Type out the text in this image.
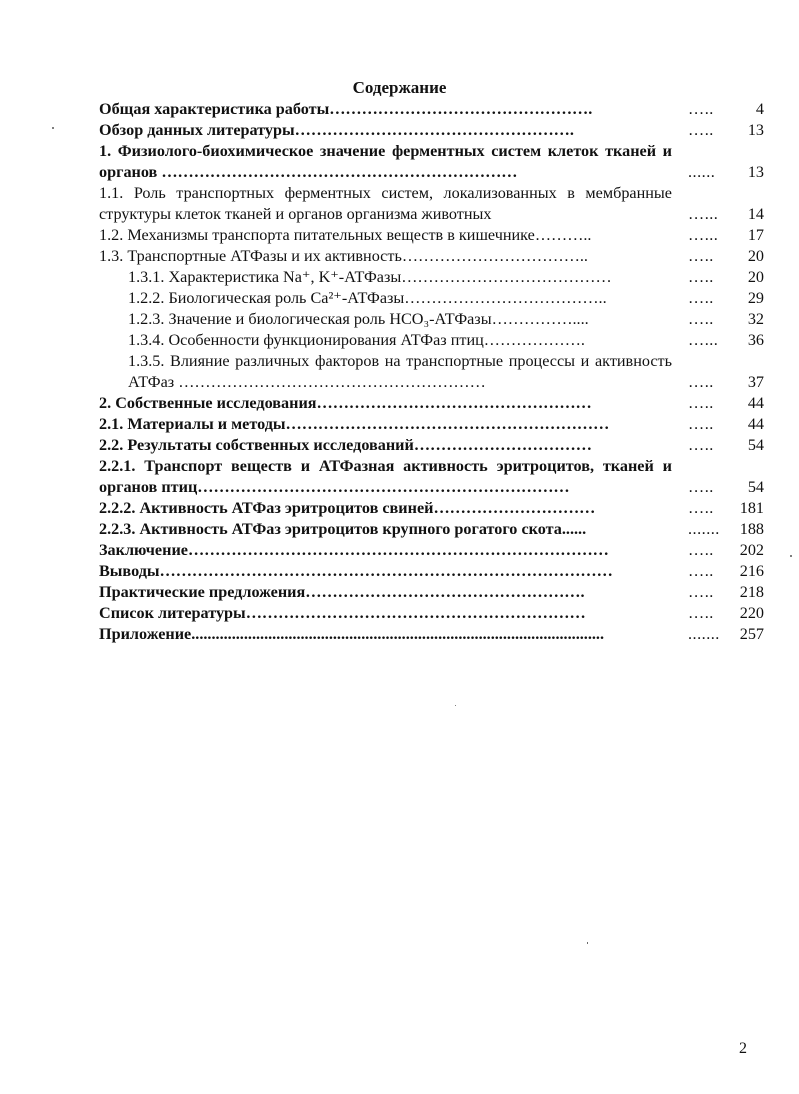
Содержание
Общая характеристика работы………………………………………….	…..	4
Обзор данных литературы…………………………………………….	…..	13
1. Физиолого-биохимическое значение ферментных систем клеток тканей и органов …………………………………………………………	......	13
1.1. Роль транспортных ферментных систем, локализованных в мембранные структуры клеток тканей и органов организма животных	…...	14
1.2. Механизмы транспорта питательных веществ в кишечнике………..	…...	17
1.3. Транспортные АТФазы и их активность……………………………..	…..	20
1.3.1. Характеристика Na⁺, K⁺-АТФазы…………………………………	…..	20
1.2.2. Биологическая роль Ca²⁺-АТФазы………………………………..	…..	29
1.2.3. Значение и биологическая роль HCO₃-АТФазы……………....	…..	32
1.3.4. Особенности функционирования АТФаз птиц……………….	…...	36
1.3.5. Влияние различных факторов на транспортные процессы и активность АТФаз …………………………………………………	…..	37
2. Собственные исследования……………………………………………	…..	44
2.1. Материалы и методы……………………………………………………	…..	44
2.2. Результаты собственных исследований……………………………	…..	54
2.2.1. Транспорт веществ и АТФазная активность эритроцитов, тканей и органов птиц……………………………………………………………	…..	54
2.2.2. Активность АТФаз эритроцитов свиней…………………………	…..	181
2.2.3. Активность АТФаз эритроцитов крупного рогатого скота......	.......	188
Заключение……………………………………………………………………	…..	202
Выводы…………………………………………………………………………	…..	216
Практические предложения…………………………………………….	…..	218
Список литературы………………………………………………………	…..	220
Приложение......................................................................................................	.......	257
2
